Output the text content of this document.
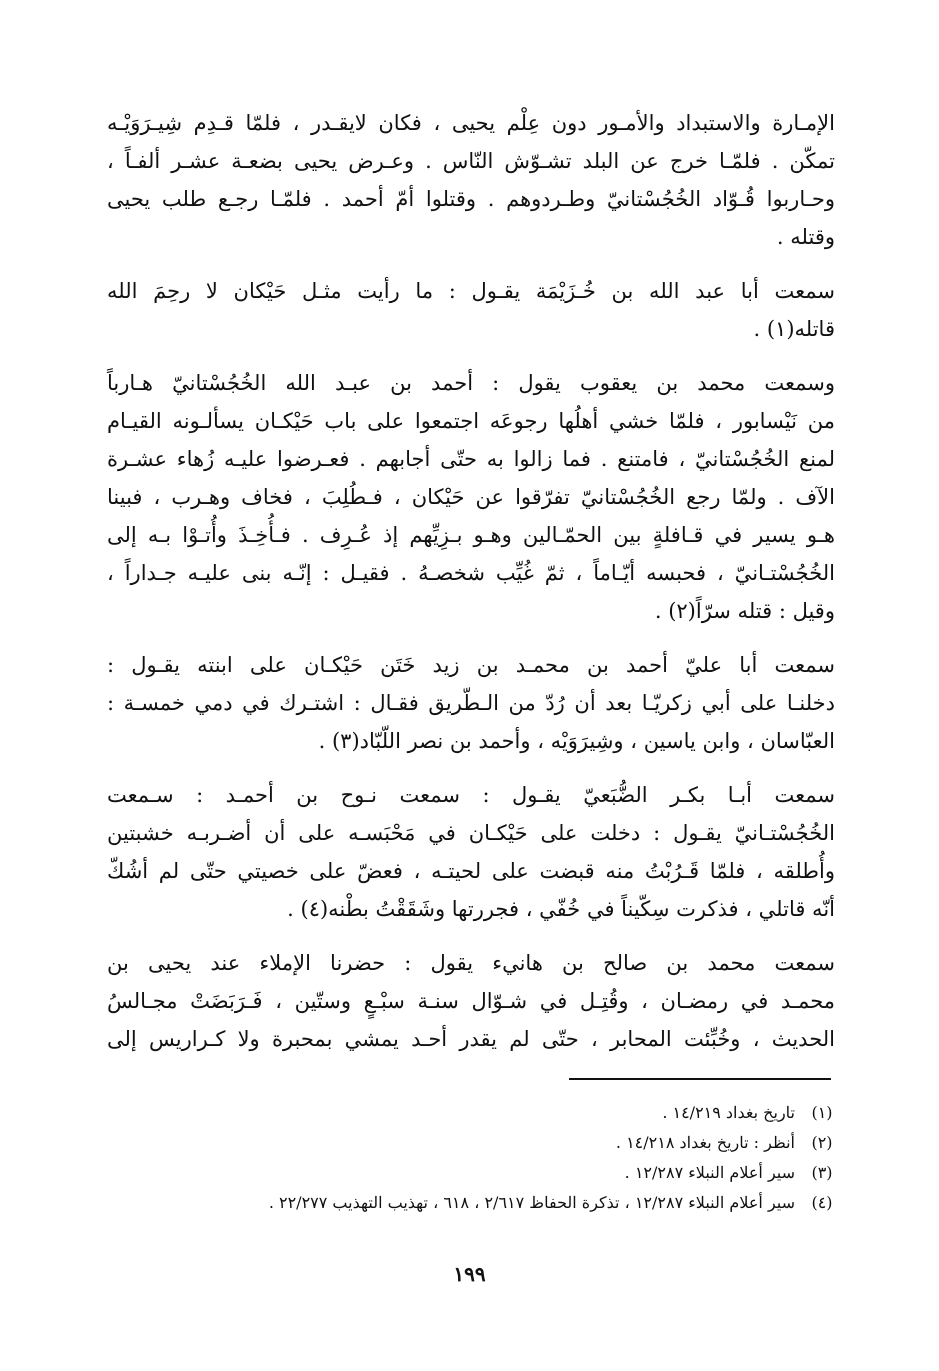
الإمـارة والاستبداد والأمـور دون عِلْم يحيى ، فكان لايقـدر ، فلمّا قـدِم شِيـرَوَيْـه
تمكّن . فلمّـا خرج عن البلد تشـوّش النّاس . وعـرض يحيى بضعـة عشـر ألفـاً ،
وحـاربوا قُـوّاد الخُجُسْتانيّ وطـردوهم . وقتلوا أمّ أحمد . فلمّـا رجـع طلب يحيى
وقتله .

سمعت أبا عبد الله بن خُـزَيْمَة يقـول : ما رأيت مثـل حَيْكان لا رحِمَ الله
قاتله(١) .

وسمعت محمد بن يعقوب يقول : أحمد بن عبـد الله الخُجُسْتانيّ هـارباً
من نَيْسابور ، فلمّا خشي أهلُها رجوعَه اجتمعوا على باب حَيْكـان يسألـونه القيـام
لمنع الخُجُسْتانيّ ، فامتنع . فما زالوا به حتّى أجابهم . فعـرضوا عليـه زُهاء عشـرة
الآف . ولمّا رجع الخُجُسْتانيّ تفرّقوا عن حَيْكان ، فـطُلِبَ ، فخاف وهـرب ، فبينا
هـو يسير في قـافلةٍ بين الحمّـالين وهـو بـزِيِّهم إذ عُـرِف . فـأُخِـذَ وأُتـوْا بـه إلى
الخُجُسْتـانيّ ، فحبسه أيّـاماً ، ثمّ غُيِّب شخصـهُ . فقيـل : إنّـه بنى عليـه جـداراً ،
وقيل : قتله سرّاً(٢) .

سمعت أبا عليّ أحمد بن محمـد بن زيد خَتَن حَيْكـان على ابنته يقـول :
دخلنـا على أبي زكريّـا بعد أن رُدّ من الـطّريق فقـال : اشتـرك في دمي خمسـة :
العبّاسان ، وابن ياسين ، وشِيرَوَيْه ، وأحمد بن نصر اللّبّاد(٣) .

سمعت أبـا بكـر الضُّبَعيّ يقـول : سمعت نـوح بن أحمـد : سـمعت
الخُجُسْتـانيّ يقـول : دخلت على حَيْكـان في مَحْبَسـه على أن أضـربـه خشبتين
وأُطلقه ، فلمّا قَـرُبْتُ منه قبضت على لحيتـه ، فعضّ على خصيتي حتّى لم أشُكّ
أنّه قاتلي ، فذكرت سِكّيناً في خُفّي ، فجررتها وشَقَقْتُ بطْنه(٤) .

سمعت محمد بن صالح بن هانيء يقول : حضرنا الإملاء عند يحيى بن
محمـد في رمضـان ، وقُتِـل في شـوّال سنـة سبْـعٍ وستّين ، فَـرَبَضَتْ مجـالسُ
الحديث ، وخُبِّئت المحابر ، حتّى لم يقدر أحـد يمشي بمحبرة ولا كـراريس إلى

(١)
تاريخ بغداد ١٤/٢١٩ .
(٢)
أنظر : تاريخ بغداد ١٤/٢١٨ .
(٣)
سير أعلام النبلاء ١٢/٢٨٧ .
(٤)
سير أعلام النبلاء ١٢/٢٨٧ ، تذكرة الحفاظ ٢/٦١٧ ، ٦١٨ ، تهذيب التهذيب ٢٢/٢٧٧ .
١٩٩
